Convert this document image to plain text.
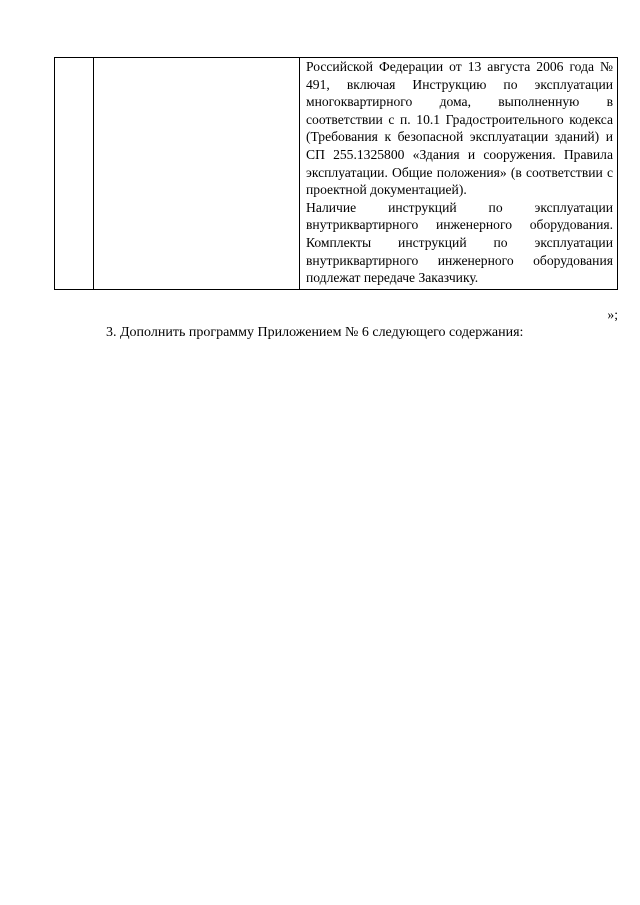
Российской Федерации от 13 августа 2006 года № 491, включая Инструкцию по эксплуатации многоквартирного дома, выполненную в соответствии с п. 10.1 Градостроительного кодекса (Требования к безопасной эксплуатации зданий) и СП 255.1325800 «Здания и сооружения. Правила эксплуатации. Общие положения» (в соответствии с проектной документацией).

Наличие инструкций по эксплуатации внутриквартирного инженерного оборудования. Комплекты инструкций по эксплуатации внутриквартирного инженерного оборудования подлежат передаче Заказчику.

»;
3. Дополнить программу Приложением № 6 следующего содержания:
